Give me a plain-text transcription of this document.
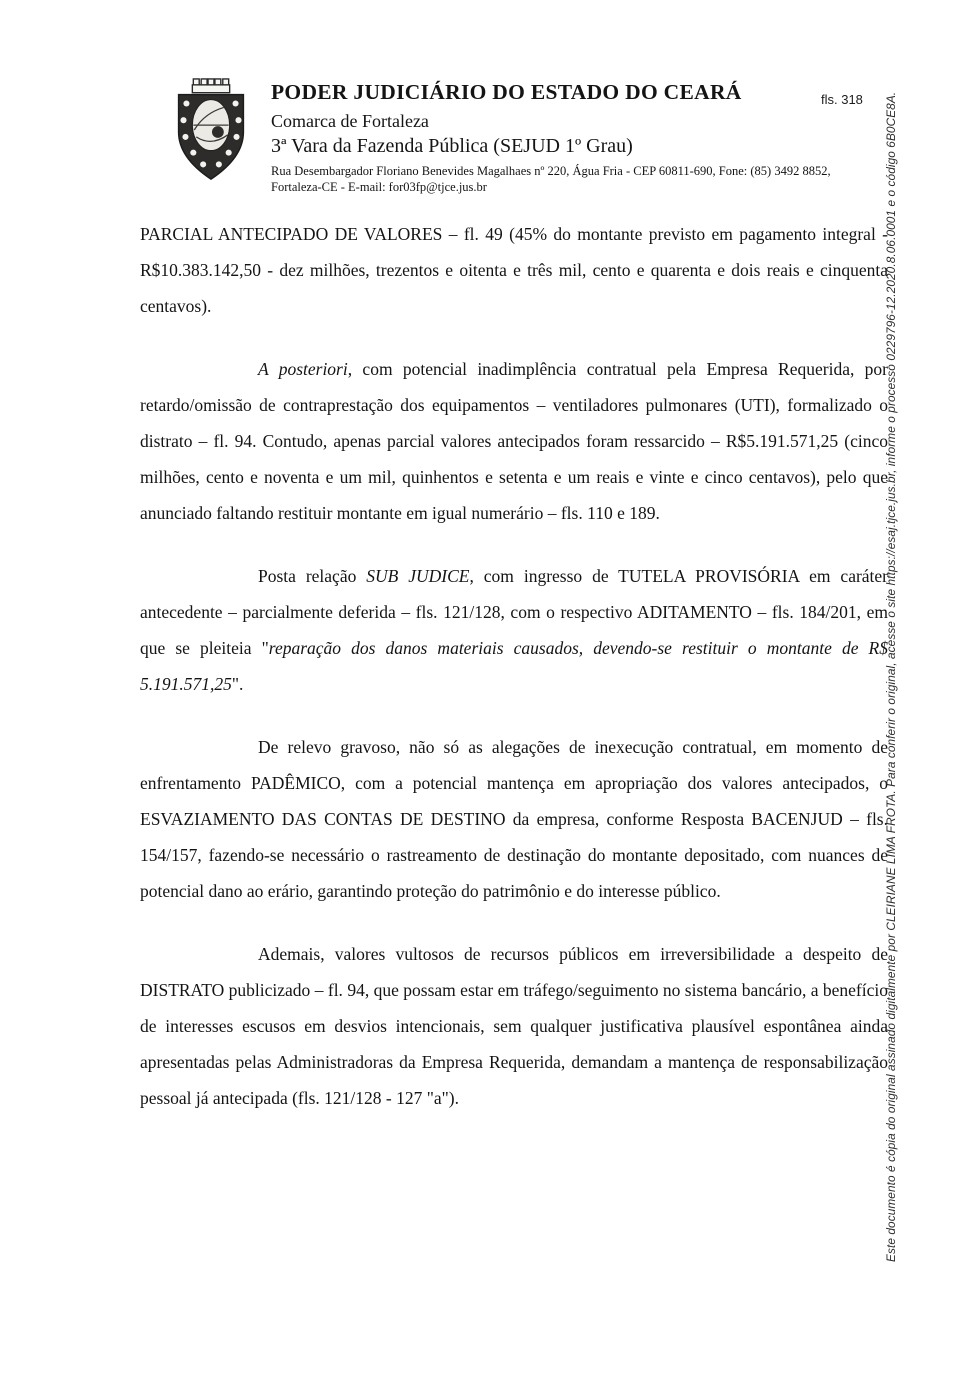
PODER JUDICIÁRIO DO ESTADO DO CEARÁ
Comarca de Fortaleza
3ª Vara da Fazenda Pública (SEJUD 1º Grau)
Rua Desembargador Floriano Benevides Magalhaes nº 220, Água Fria - CEP 60811-690, Fone: (85) 3492 8852,
Fortaleza-CE - E-mail: for03fp@tjce.jus.br
fls. 318

PARCIAL ANTECIPADO DE VALORES – fl. 49 (45% do montante previsto em pagamento integral - R$10.383.142,50 - dez milhões, trezentos e oitenta e três mil, cento e quarenta e dois reais e cinquenta centavos).

A posteriori, com potencial inadimplência contratual pela Empresa Requerida, por retardo/omissão de contraprestação dos equipamentos – ventiladores pulmonares (UTI), formalizado o distrato – fl. 94. Contudo, apenas parcial valores antecipados foram ressarcido – R$5.191.571,25 (cinco milhões, cento e noventa e um mil, quinhentos e setenta e um reais e vinte e cinco centavos), pelo que anunciado faltando restituir montante em igual numerário – fls. 110 e 189.

Posta relação SUB JUDICE, com ingresso de TUTELA PROVISÓRIA em caráter antecedente – parcialmente deferida – fls. 121/128, com o respectivo ADITAMENTO – fls. 184/201, em que se pleiteia "reparação dos danos materiais causados, devendo-se restituir o montante de R$ 5.191.571,25".

De relevo gravoso, não só as alegações de inexecução contratual, em momento de enfrentamento PADÊMICO, com a potencial mantença em apropriação dos valores antecipados, o ESVAZIAMENTO DAS CONTAS DE DESTINO da empresa, conforme Resposta BACENJUD – fls. 154/157, fazendo-se necessário o rastreamento de destinação do montante depositado, com nuances de potencial dano ao erário, garantindo proteção do patrimônio e do interesse público.

Ademais, valores vultosos de recursos públicos em irreversibilidade a despeito de DISTRATO publicizado – fl. 94, que possam estar em tráfego/seguimento no sistema bancário, a benefício de interesses escusos em desvios intencionais, sem qualquer justificativa plausível espontânea ainda apresentadas pelas Administradoras da Empresa Requerida, demandam a mantença de responsabilização pessoal já antecipada (fls. 121/128 - 127 "a").	Este documento é cópia do original assinado digitalmente por CLEIRIANE LIMA FROTA. Para conferir o original, acesse o site https://esaj.tjce.jus.br, informe o processo 0229796-12.2020.8.06.0001 e o código 6B0CE8A.
